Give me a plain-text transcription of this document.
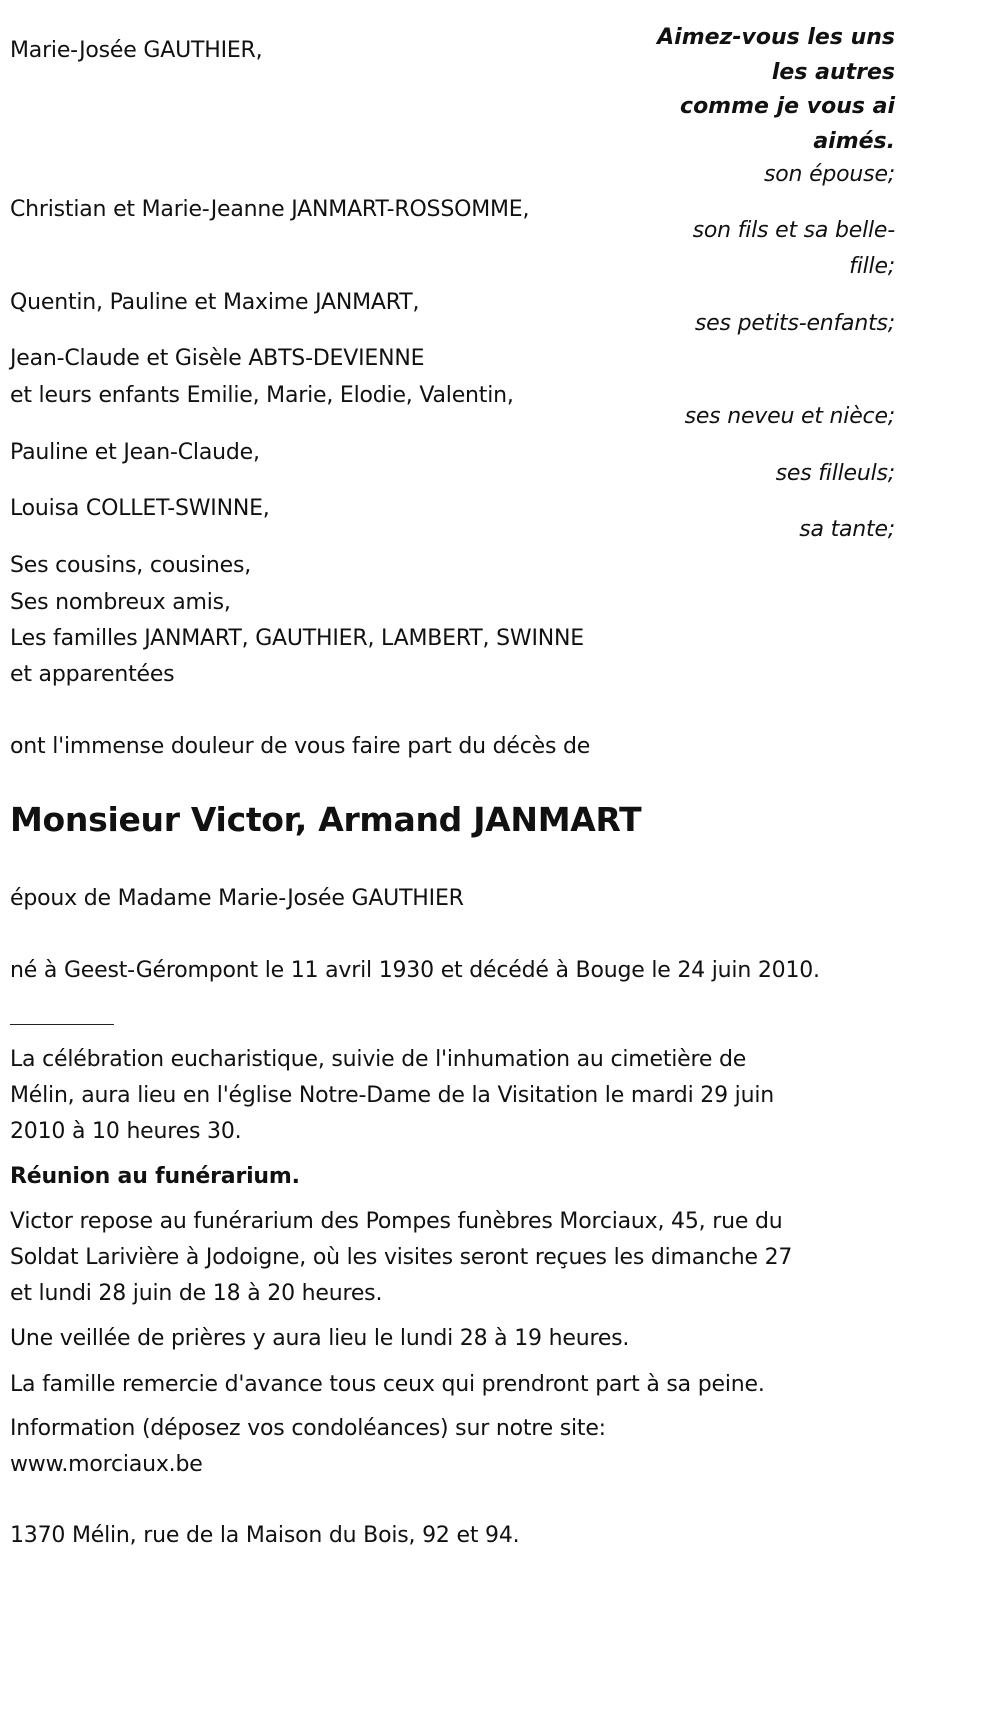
Aimez-vous les uns
les autres
comme je vous ai
aimés.
Marie-Josée GAUTHIER,
son épouse;
Christian et Marie-Jeanne JANMART-ROSSOMME,
son fils et sa belle-
fille;
Quentin, Pauline et Maxime JANMART,
ses petits-enfants;
Jean-Claude et Gisèle ABTS-DEVIENNE
et leurs enfants Emilie, Marie, Elodie, Valentin,
ses neveu et nièce;
Pauline et Jean-Claude,
ses filleuls;
Louisa COLLET-SWINNE,
sa tante;
Ses cousins, cousines,
Ses nombreux amis,
Les familles JANMART, GAUTHIER, LAMBERT, SWINNE
et apparentées
ont l'immense douleur de vous faire part du décès de
Monsieur Victor, Armand JANMART
époux de Madame Marie-Josée GAUTHIER
né à Geest-Gérompont le 11 avril 1930 et décédé à Bouge le 24 juin 2010.
La célébration eucharistique, suivie de l'inhumation au cimetière de
Mélin, aura lieu en l'église Notre-Dame de la Visitation le mardi 29 juin
2010 à 10 heures 30.
Réunion au funérarium.
Victor repose au funérarium des Pompes funèbres Morciaux, 45, rue du
Soldat Larivière à Jodoigne, où les visites seront reçues les dimanche 27
et lundi 28 juin de 18 à 20 heures.
Une veillée de prières y aura lieu le lundi 28 à 19 heures.
La famille remercie d'avance tous ceux qui prendront part à sa peine.
Information (déposez vos condoléances) sur notre site:
www.morciaux.be
1370 Mélin, rue de la Maison du Bois, 92 et 94.
